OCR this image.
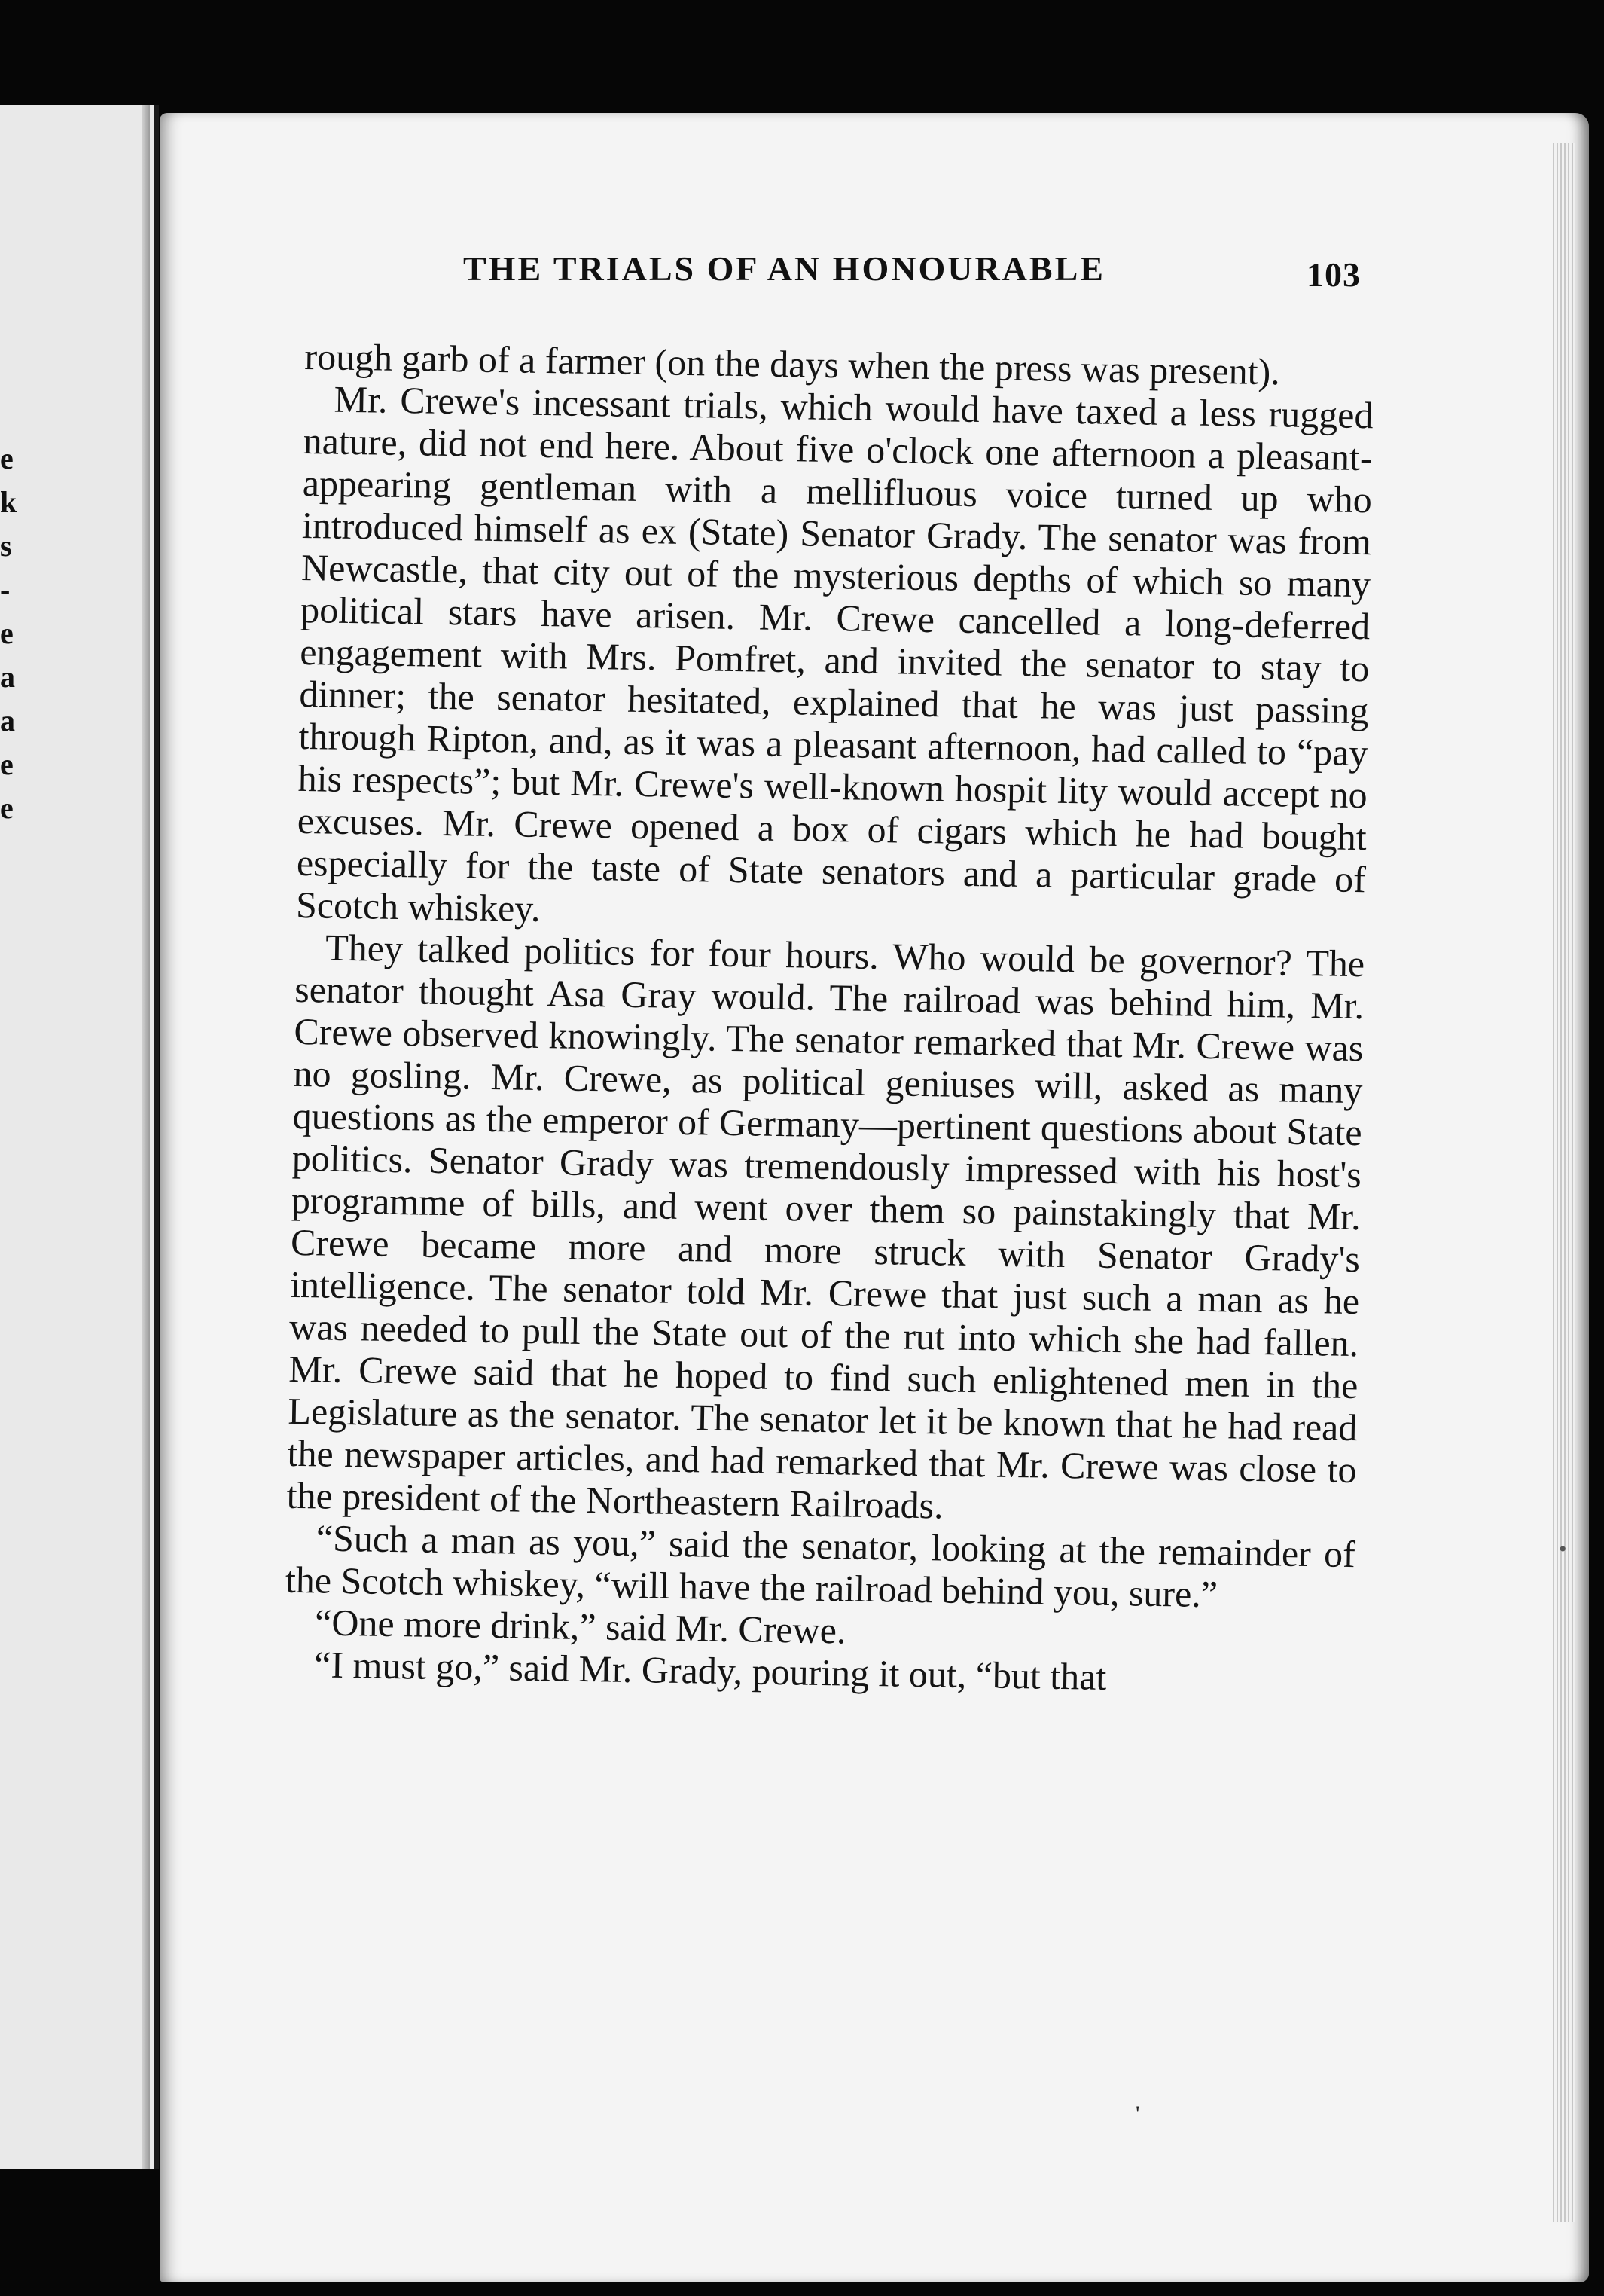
e
k
s
-
e
a
a
e
e
THE TRIALS OF AN HONOURABLE	103

rough garb of a farmer (on the days when the press was present).

Mr. Crewe's incessant trials, which would have taxed a less rugged nature, did not end here. About five o'clock one afternoon a pleasant-appearing gentleman with a mellifluous voice turned up who introduced himself as ex (State) Senator Grady. The senator was from Newcastle, that city out of the mysterious depths of which so many political stars have arisen. Mr. Crewe cancelled a long-deferred engagement with Mrs. Pomfret, and invited the senator to stay to dinner; the senator hesitated, explained that he was just passing through Ripton, and, as it was a pleasant afternoon, had called to “pay his respects”; but Mr. Crewe's well-known hospit lity would accept no excuses. Mr. Crewe opened a box of cigars which he had bought especially for the taste of State senators and a particular grade of Scotch whiskey.

They talked politics for four hours. Who would be governor? The senator thought Asa Gray would. The railroad was behind him, Mr. Crewe observed knowingly. The senator remarked that Mr. Crewe was no gosling. Mr. Crewe, as political geniuses will, asked as many questions as the emperor of Germany—pertinent questions about State politics. Senator Grady was tremendously impressed with his host's programme of bills, and went over them so painstakingly that Mr. Crewe became more and more struck with Senator Grady's intelligence. The senator told Mr. Crewe that just such a man as he was needed to pull the State out of the rut into which she had fallen. Mr. Crewe said that he hoped to find such enlightened men in the Legislature as the senator. The senator let it be known that he had read the newspaper articles, and had remarked that Mr. Crewe was close to the president of the Northeastern Railroads.

“Such a man as you,” said the senator, looking at the remainder of the Scotch whiskey, “will have the railroad behind you, sure.”

“One more drink,” said Mr. Crewe.

“I must go,” said Mr. Grady, pouring it out, “but that

'
•
